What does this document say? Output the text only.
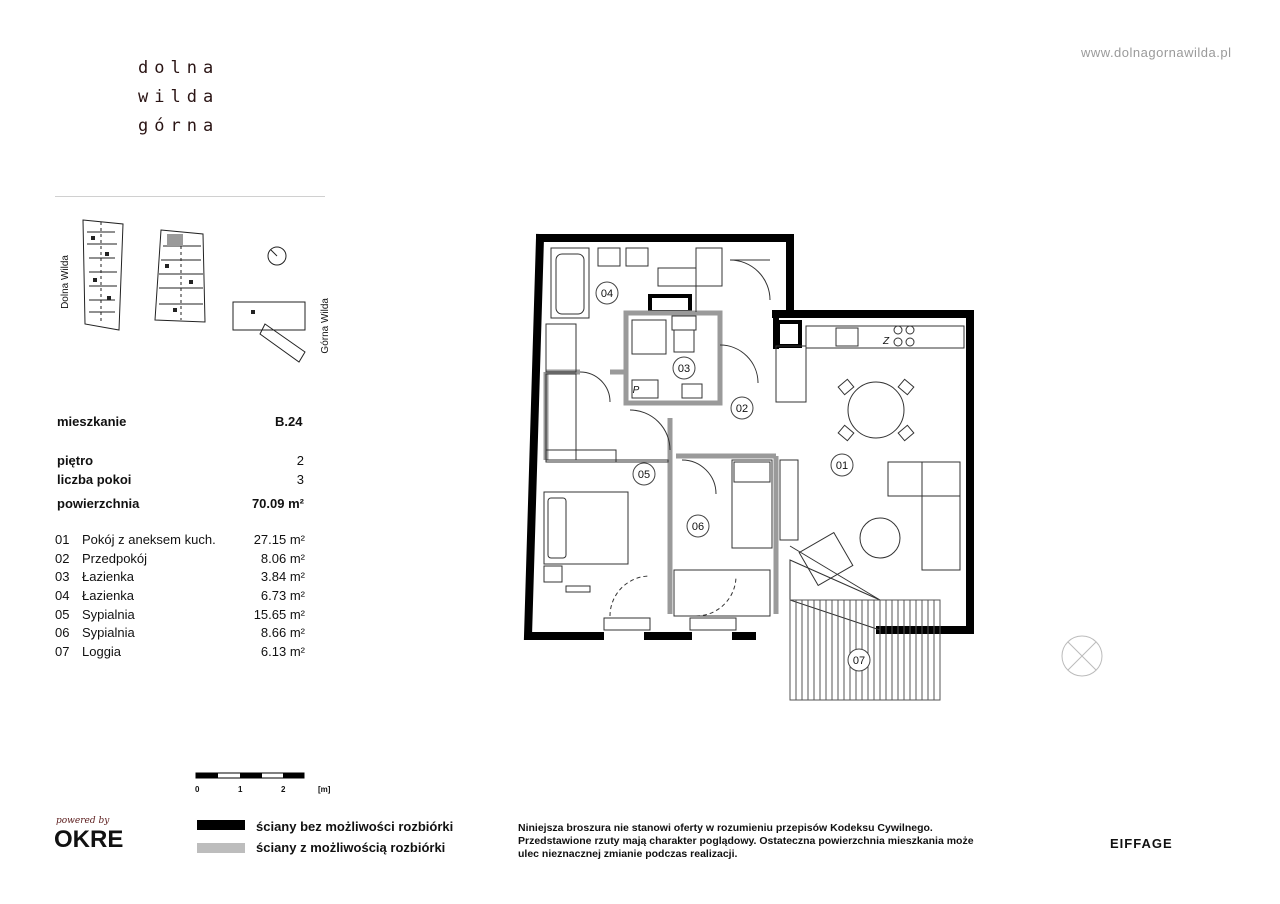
dolna
wilda
górna
www.dolnagornawilda.pl
Dolna Wilda
Górna Wilda
mieszkanie	B.24
piętro	2
liczba pokoi	3
powierzchnia	70.09 m²
01 Pokój z aneksem kuch.	27.15 m²
02 Przedpokój	8.06 m²
03 Łazienka	3.84 m²
04 Łazienka	6.73 m²
05 Sypialnia	15.65 m²
06 Sypialnia	8.66 m²
07 Loggia	6.13 m²
04
03
02
01
05
06
07
P
Z
0	1	2	[m]
ściany bez możliwości rozbiórki
ściany z możliwością rozbiórki
powered by
OKRE	Niniejsza broszura nie stanowi oferty w rozumieniu przepisów Kodeksu Cywilnego.
Przedstawione rzuty mają charakter poglądowy. Ostateczna powierzchnia mieszkania może
ulec nieznacznej zmianie podczas realizacji.
EIFFAGE
